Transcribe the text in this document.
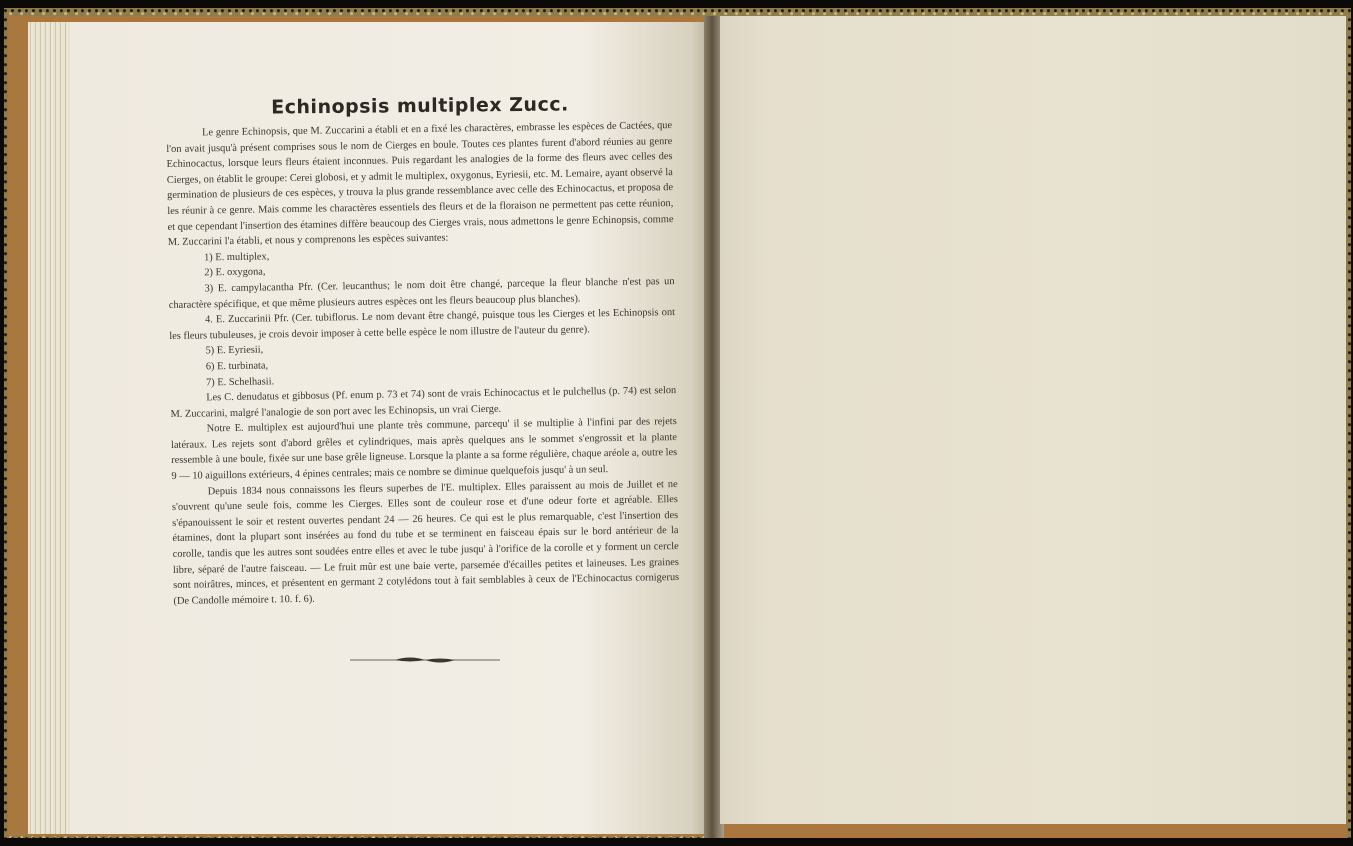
Echinopsis multiplex Zucc.

Le genre Echinopsis, que M. Zuccarini a établi et en a fixé les charactères, embrasse les espèces de Cactées, que l'on avait jusqu'à présent comprises sous le nom de Cierges en boule. Toutes ces plantes furent d'abord réunies au genre Echinocactus, lorsque leurs fleurs étaient inconnues. Puis regardant les analogies de la forme des fleurs avec celles des Cierges, on établit le groupe: Cerei globosi, et y admit le multiplex, oxygonus, Eyriesii, etc. M. Lemaire, ayant observé la germination de plusieurs de ces espèces, y trouva la plus grande ressemblance avec celle des Echinocactus, et proposa de les réunir à ce genre. Mais comme les charactères essentiels des fleurs et de la floraison ne permettent pas cette réunion, et que cependant l'insertion des étamines diffère beaucoup des Cierges vrais, nous admettons le genre Echinopsis, comme M. Zuccarini l'a établi, et nous y comprenons les espèces suivantes:

1) E. multiplex,

2) E. oxygona,

3) E. campylacantha Pfr. (Cer. leucanthus; le nom doit être changé, parceque la fleur blanche n'est pas un charactère spécifique, et que même plusieurs autres espèces ont les fleurs beaucoup plus blanches).

4. E. Zuccarinii Pfr. (Cer. tubiflorus. Le nom devant être changé, puisque tous les Cierges et les Echinopsis ont les fleurs tubuleuses, je crois devoir imposer à cette belle espèce le nom illustre de l'auteur du genre).

5) E. Eyriesii,

6) E. turbinata,

7) E. Schelhasii.

Les C. denudatus et gibbosus (Pf. enum p. 73 et 74) sont de vrais Echinocactus et le pulchellus (p. 74) est selon M. Zuccarini, malgré l'analogie de son port avec les Echinopsis, un vrai Cierge.

Notre E. multiplex est aujourd'hui une plante très commune, parcequ' il se multiplie à l'infini par des rejets latéraux. Les rejets sont d'abord grêles et cylindriques, mais après quelques ans le sommet s'engrossit et la plante ressemble à une boule, fixée sur une base grêle ligneuse. Lorsque la plante a sa forme régulière, chaque aréole a, outre les 9 — 10 aiguillons extérieurs, 4 épines centrales; mais ce nombre se diminue quelquefois jusqu' à un seul.

Depuis 1834 nous connaissons les fleurs superbes de l'E. multiplex. Elles paraissent au mois de Juillet et ne s'ouvrent qu'une seule fois, comme les Cierges. Elles sont de couleur rose et d'une odeur forte et agréable. Elles s'épanouissent le soir et restent ouvertes pendant 24 — 26 heures. Ce qui est le plus remarquable, c'est l'insertion des étamines, dont la plupart sont insérées au fond du tube et se terminent en faisceau épais sur le bord antérieur de la corolle, tandis que les autres sont soudées entre elles et avec le tube jusqu' à l'orifice de la corolle et y forment un cercle libre, séparé de l'autre faisceau. — Le fruit mûr est une baie verte, parsemée d'écailles petites et laineuses. Les graines sont noirâtres, minces, et présentent en germant 2 cotylédons tout à fait semblables à ceux de l'Echinocactus cornigerus (De Candolle mémoire t. 10. f. 6).
